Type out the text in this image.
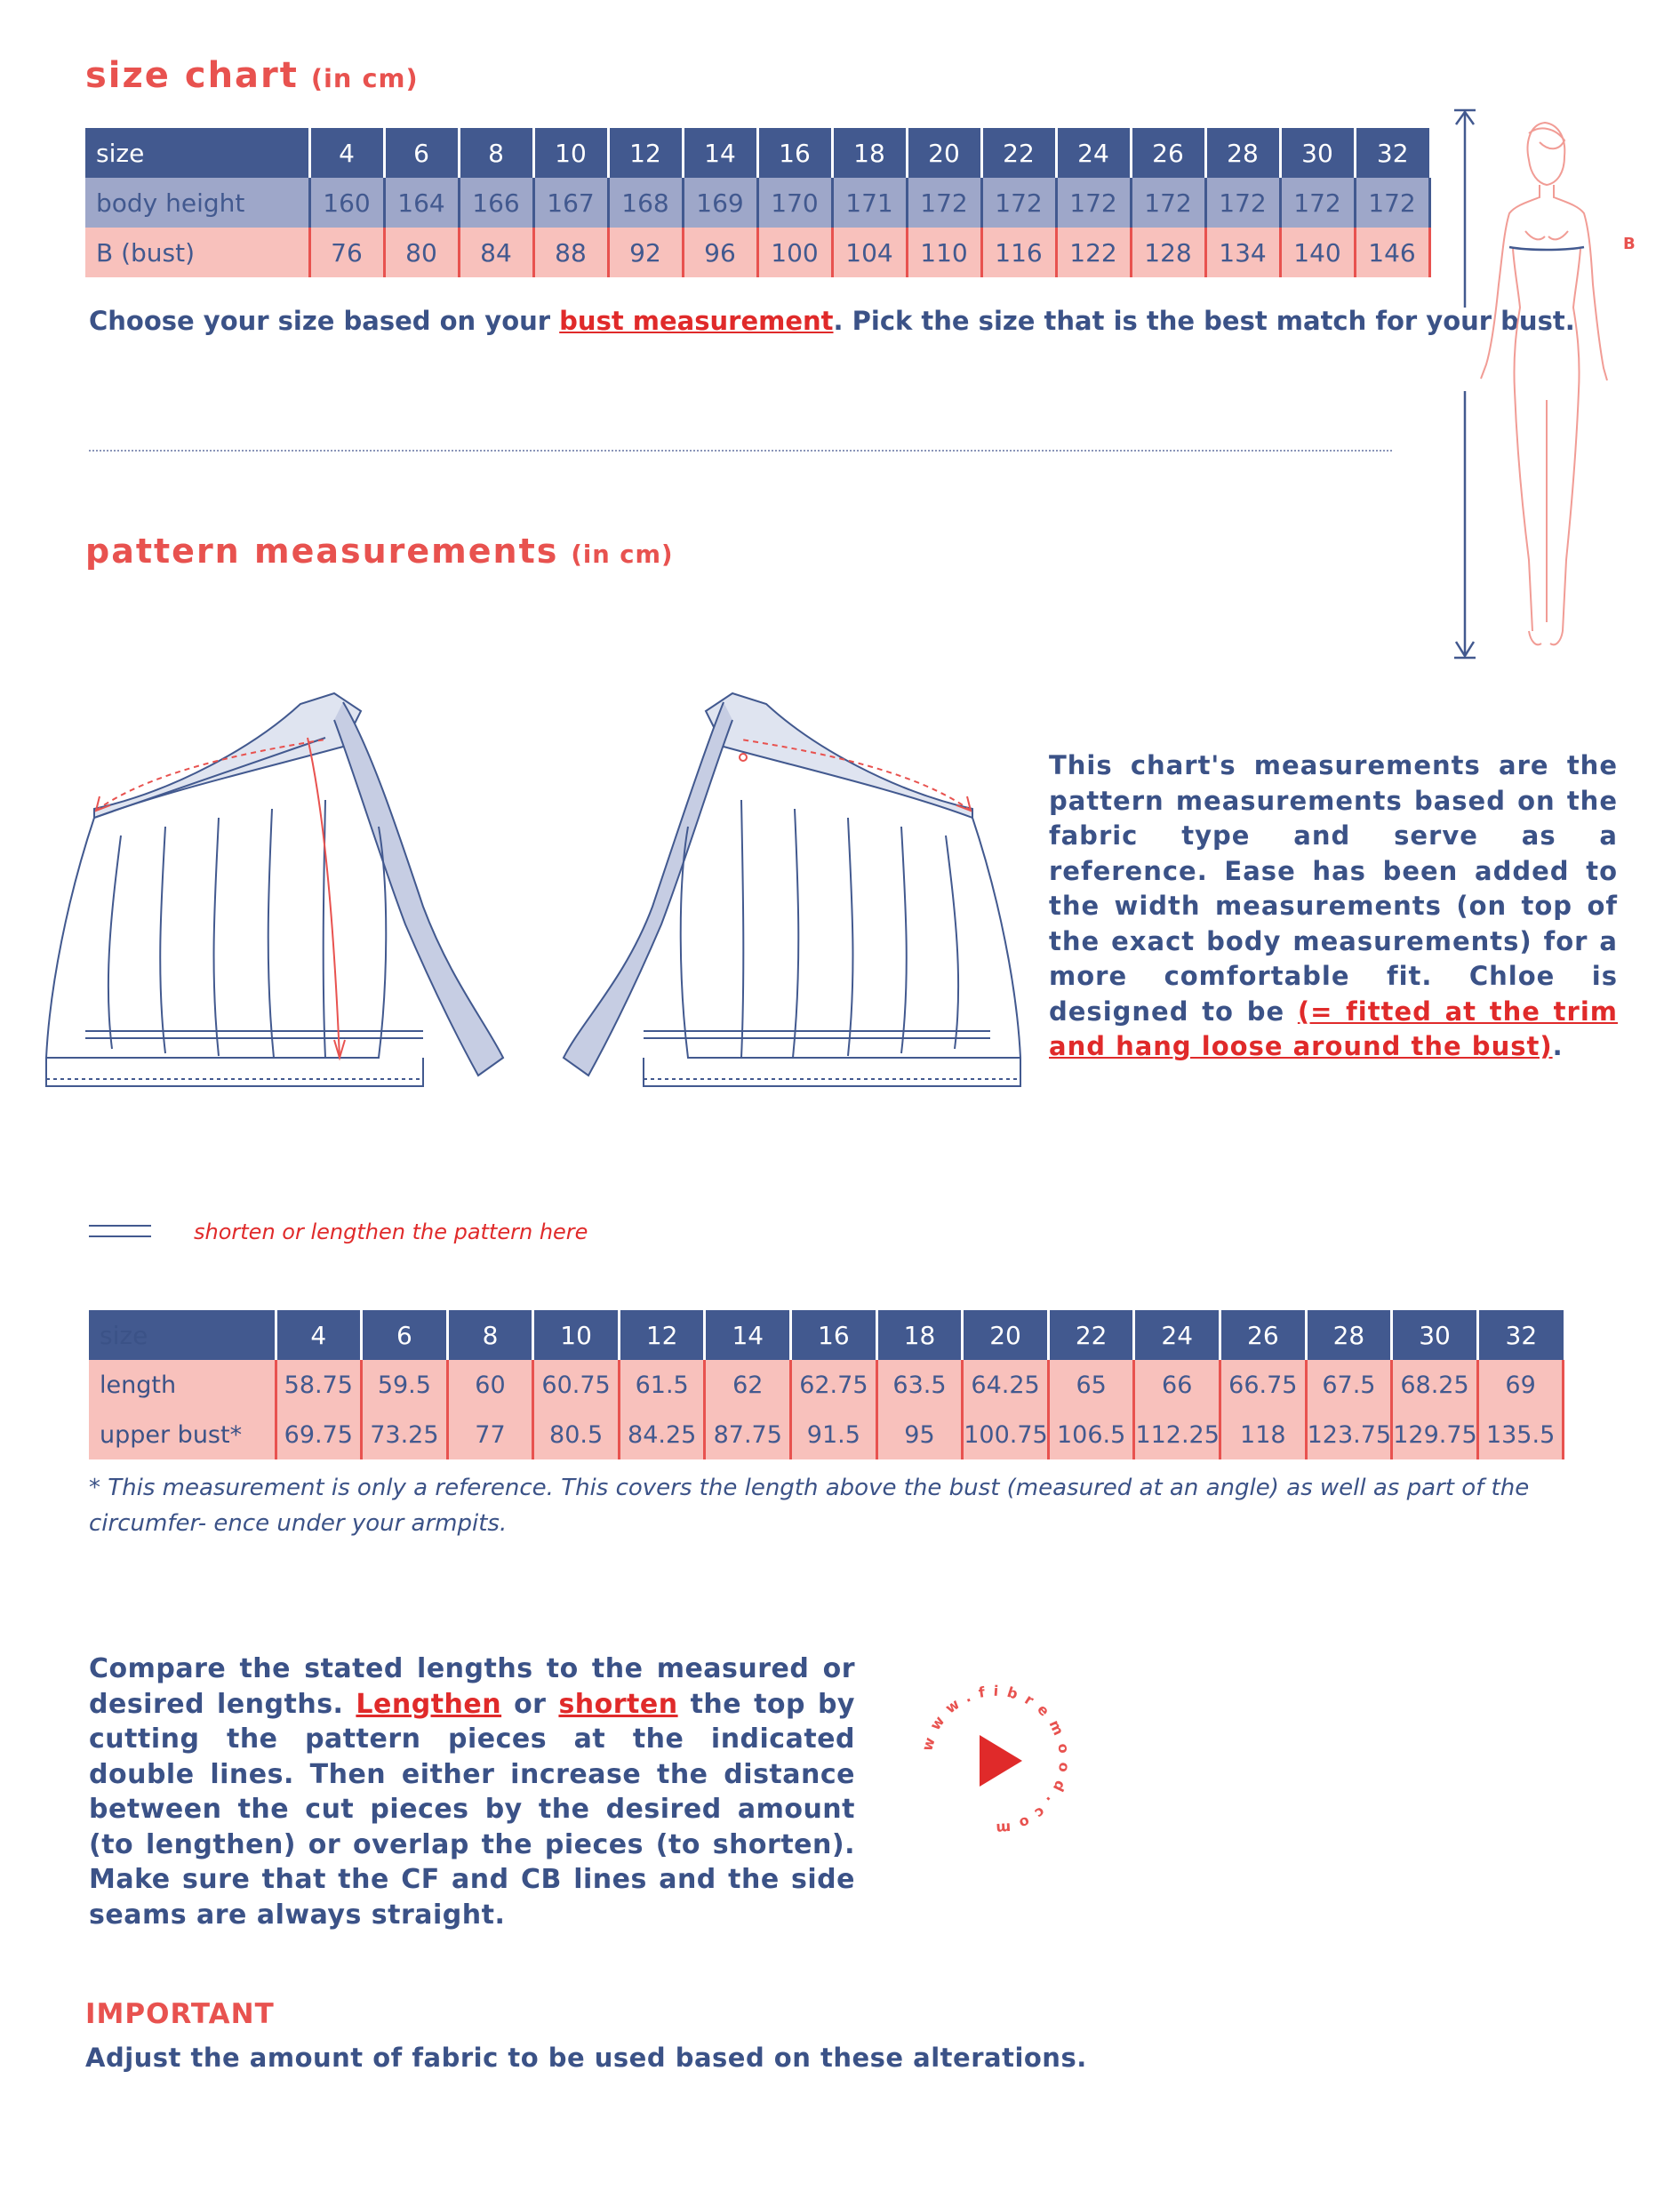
size chart (in cm)
size	4	6	8	10	12	14	16	18	20	22	24	26	28	30	32
body height	160	164	166	167	168	169	170	171	172	172	172	172	172	172	172
B (bust)	76	80	84	88	92	96	100	104	110	116	122	128	134	140	146
Choose your size based on your bust measurement. Pick the size that is the best match for your bust.
B
pattern measurements (in cm)
This chart's measurements are the pattern measurements based on the fabric type and serve as a reference. Ease has been added to the width measurements (on top of the exact body measurements) for a more comfortable fit. Chloe is designed to be (= fitted at the trim and hang loose around the bust).
shorten or lengthen the pattern here
size	4	6	8	10	12	14	16	18	20	22	24	26	28	30	32
length	58.75	59.5	60	60.75	61.5	62	62.75	63.5	64.25	65	66	66.75	67.5	68.25	69
upper bust*	69.75	73.25	77	80.5	84.25	87.75	91.5	95	100.75	106.5	112.25	118	123.75	129.75	135.5
* This measurement is only a reference. This covers the length above the bust (measured at an angle) as well as part of the circumfer- ence under your armpits.
Compare the stated lengths to the measured or desired lengths. Lengthen or shorten the top by cutting the pattern pieces at the indicated double lines. Then either increase the distance between the cut pieces by the desired amount (to lengthen) or overlap the pieces (to shorten). Make sure that the CF and CB lines and the side seams are always straight.
www.fibremood.com
IMPORTANT
Adjust the amount of fabric to be used based on these alterations.
